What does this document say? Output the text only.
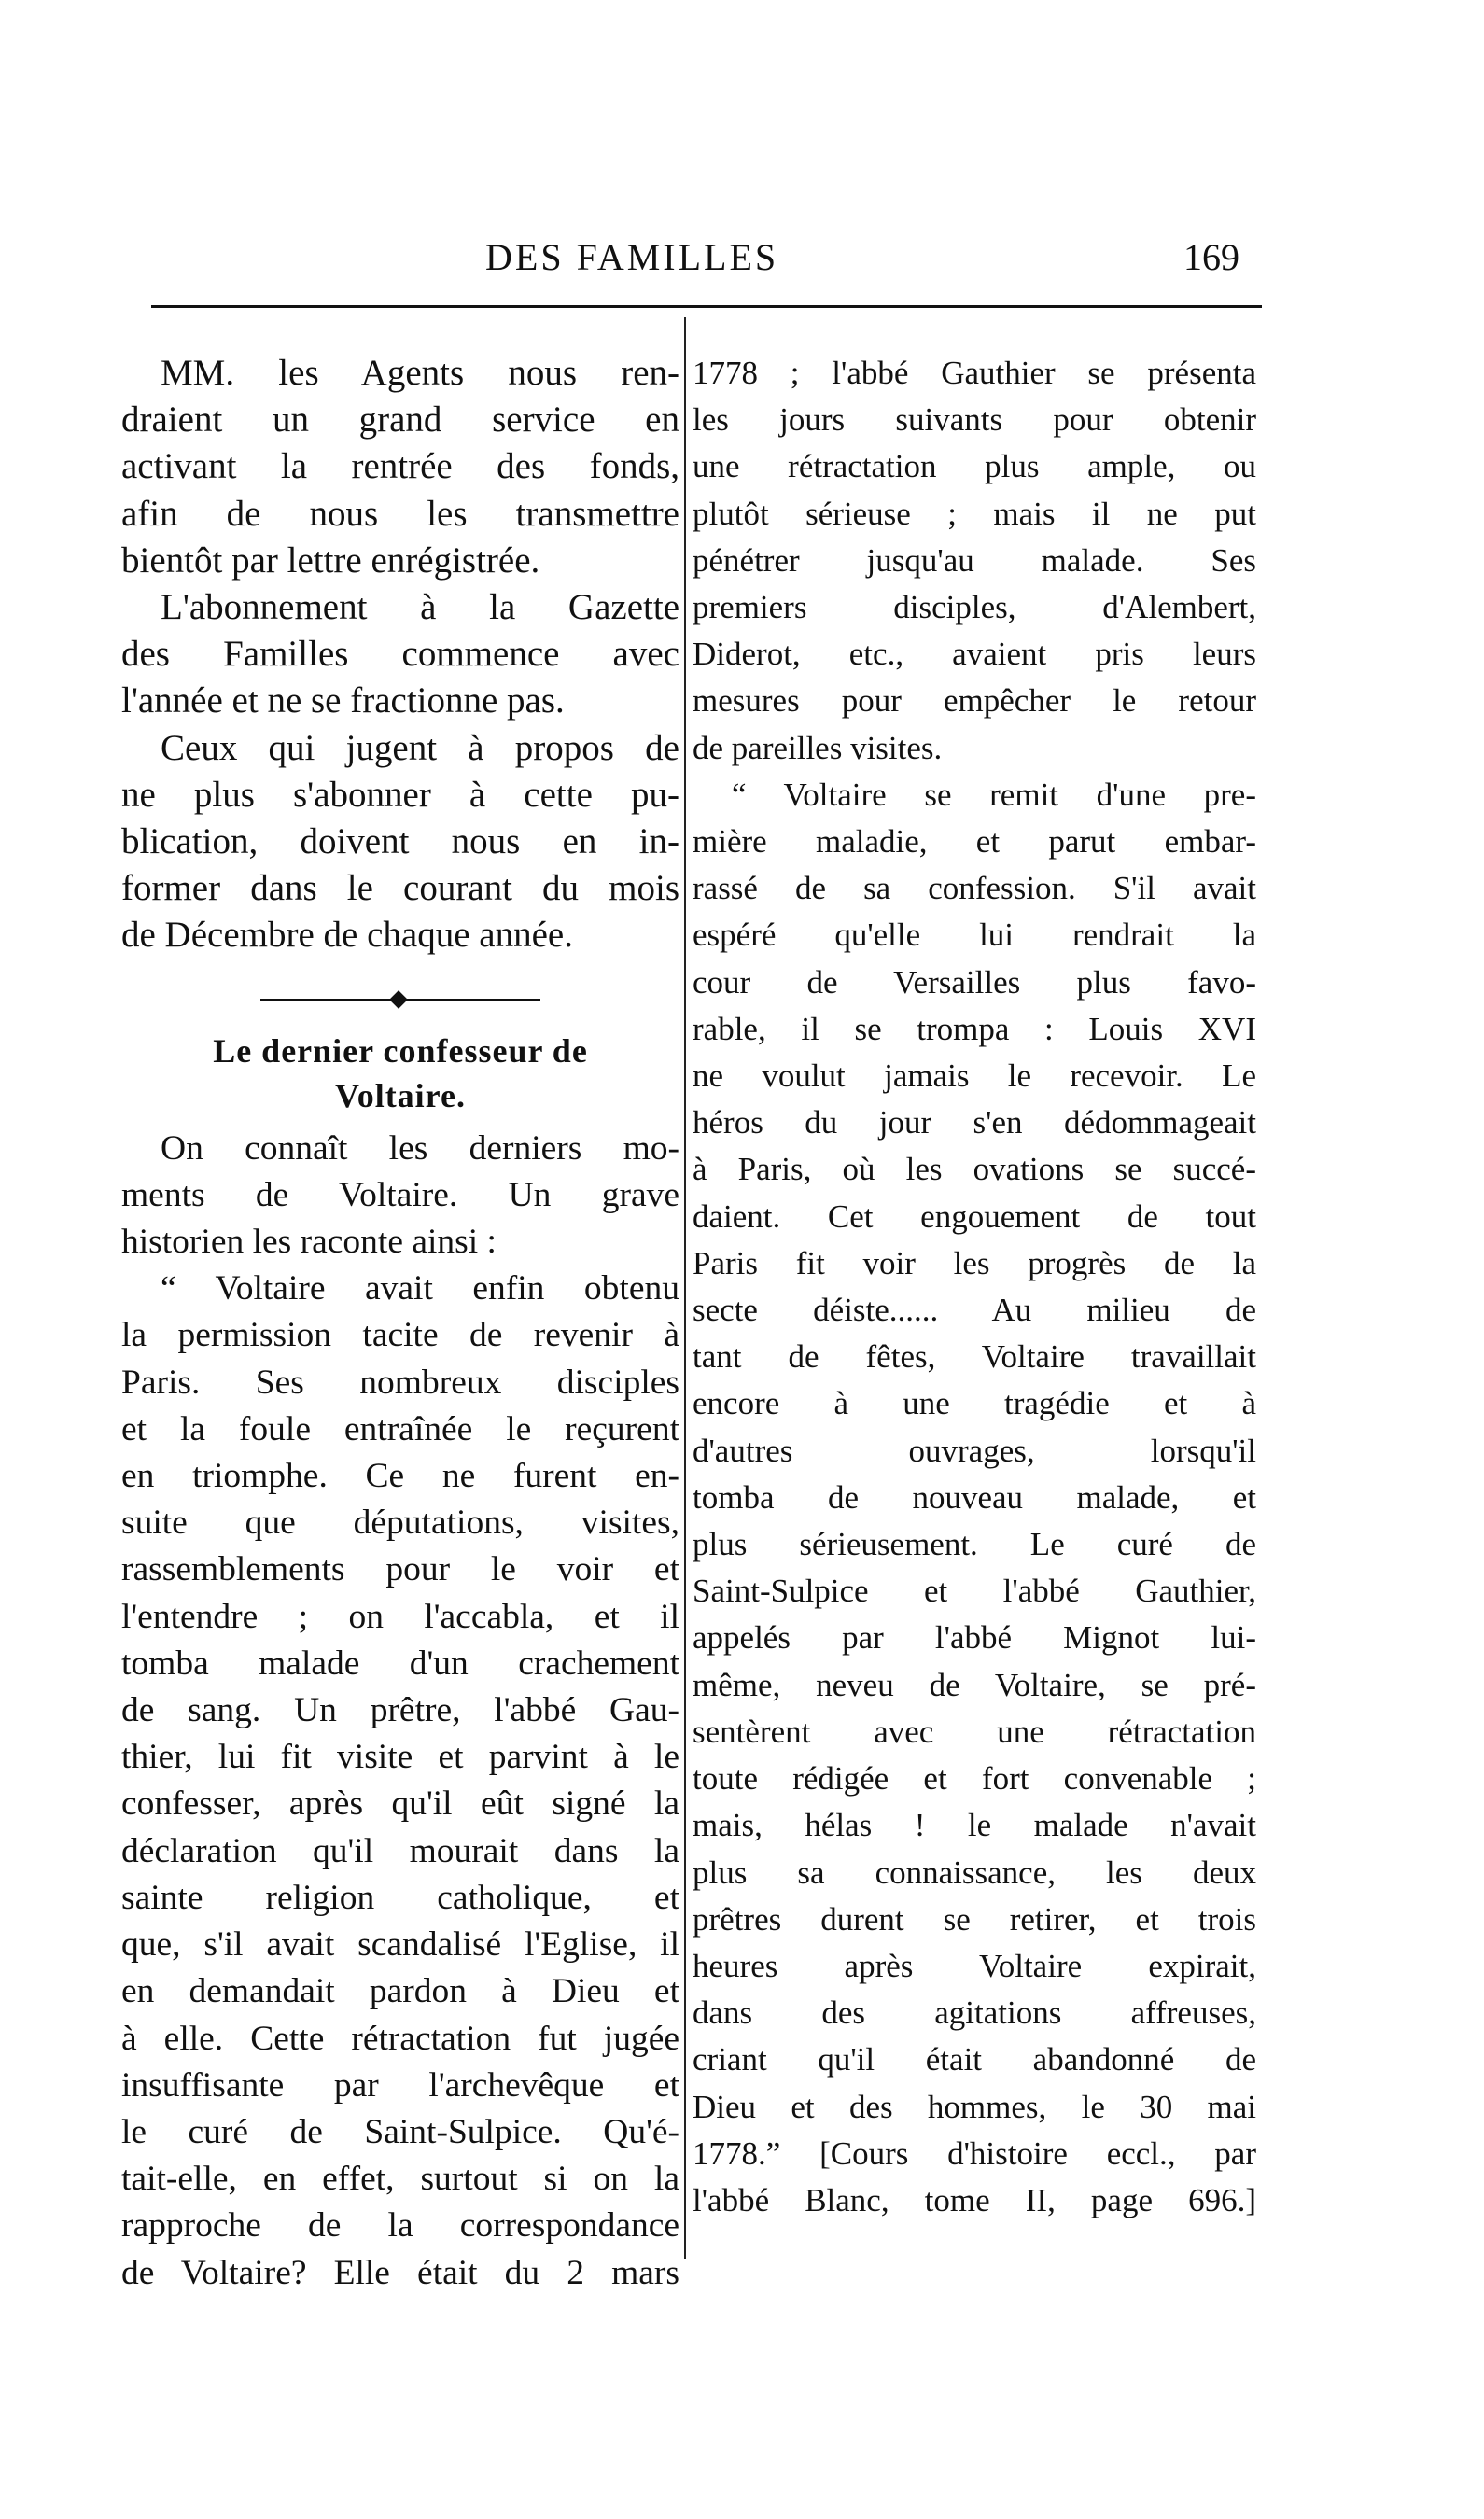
DES FAMILLES	169
MM. les Agents nous ren-
draient un grand service en
activant la rentrée des fonds,
afin de nous les transmettre
bientôt par lettre enrégistrée.
L'abonnement à la Gazette
des Familles commence avec
l'année et ne se fractionne pas.
Ceux qui jugent à propos de
ne plus s'abonner à cette pu-
blication, doivent nous en in-
former dans le courant du mois
de Décembre de chaque année.
Le dernier confesseur de
Voltaire.
On connaît les derniers mo-
ments de Voltaire. Un grave
historien les raconte ainsi :
“ Voltaire avait enfin obtenu
la permission tacite de revenir à
Paris. Ses nombreux disciples
et la foule entraînée le reçurent
en triomphe. Ce ne furent en-
suite que députations, visites,
rassemblements pour le voir et
l'entendre ; on l'accabla, et il
tomba malade d'un crachement
de sang. Un prêtre, l'abbé Gau-
thier, lui fit visite et parvint à le
confesser, après qu'il eût signé la
déclaration qu'il mourait dans la
sainte religion catholique, et
que, s'il avait scandalisé l'Eglise, il
en demandait pardon à Dieu et
à elle. Cette rétractation fut jugée
insuffisante par l'archevêque et
le curé de Saint-Sulpice. Qu'é-
tait-elle, en effet, surtout si on la
rapproche de la correspondance
de Voltaire? Elle était du 2 mars
1778 ; l'abbé Gauthier se présenta
les jours suivants pour obtenir
une rétractation plus ample, ou
plutôt sérieuse ; mais il ne put
pénétrer jusqu'au malade. Ses
premiers disciples, d'Alembert,
Diderot, etc., avaient pris leurs
mesures pour empêcher le retour
de pareilles visites.
“ Voltaire se remit d'une pre-
mière maladie, et parut embar-
rassé de sa confession. S'il avait
espéré qu'elle lui rendrait la
cour de Versailles plus favo-
rable, il se trompa : Louis XVI
ne voulut jamais le recevoir. Le
héros du jour s'en dédommageait
à Paris, où les ovations se succé-
daient. Cet engouement de tout
Paris fit voir les progrès de la
secte déiste...... Au milieu de
tant de fêtes, Voltaire travaillait
encore à une tragédie et à
d'autres ouvrages, lorsqu'il
tomba de nouveau malade, et
plus sérieusement. Le curé de
Saint-Sulpice et l'abbé Gauthier,
appelés par l'abbé Mignot lui-
même, neveu de Voltaire, se pré-
sentèrent avec une rétractation
toute rédigée et fort convenable ;
mais, hélas ! le malade n'avait
plus sa connaissance, les deux
prêtres durent se retirer, et trois
heures après Voltaire expirait,
dans des agitations affreuses,
criant qu'il était abandonné de
Dieu et des hommes, le 30 mai
1778.” [Cours d'histoire eccl., par
l'abbé Blanc, tome II, page 696.]
